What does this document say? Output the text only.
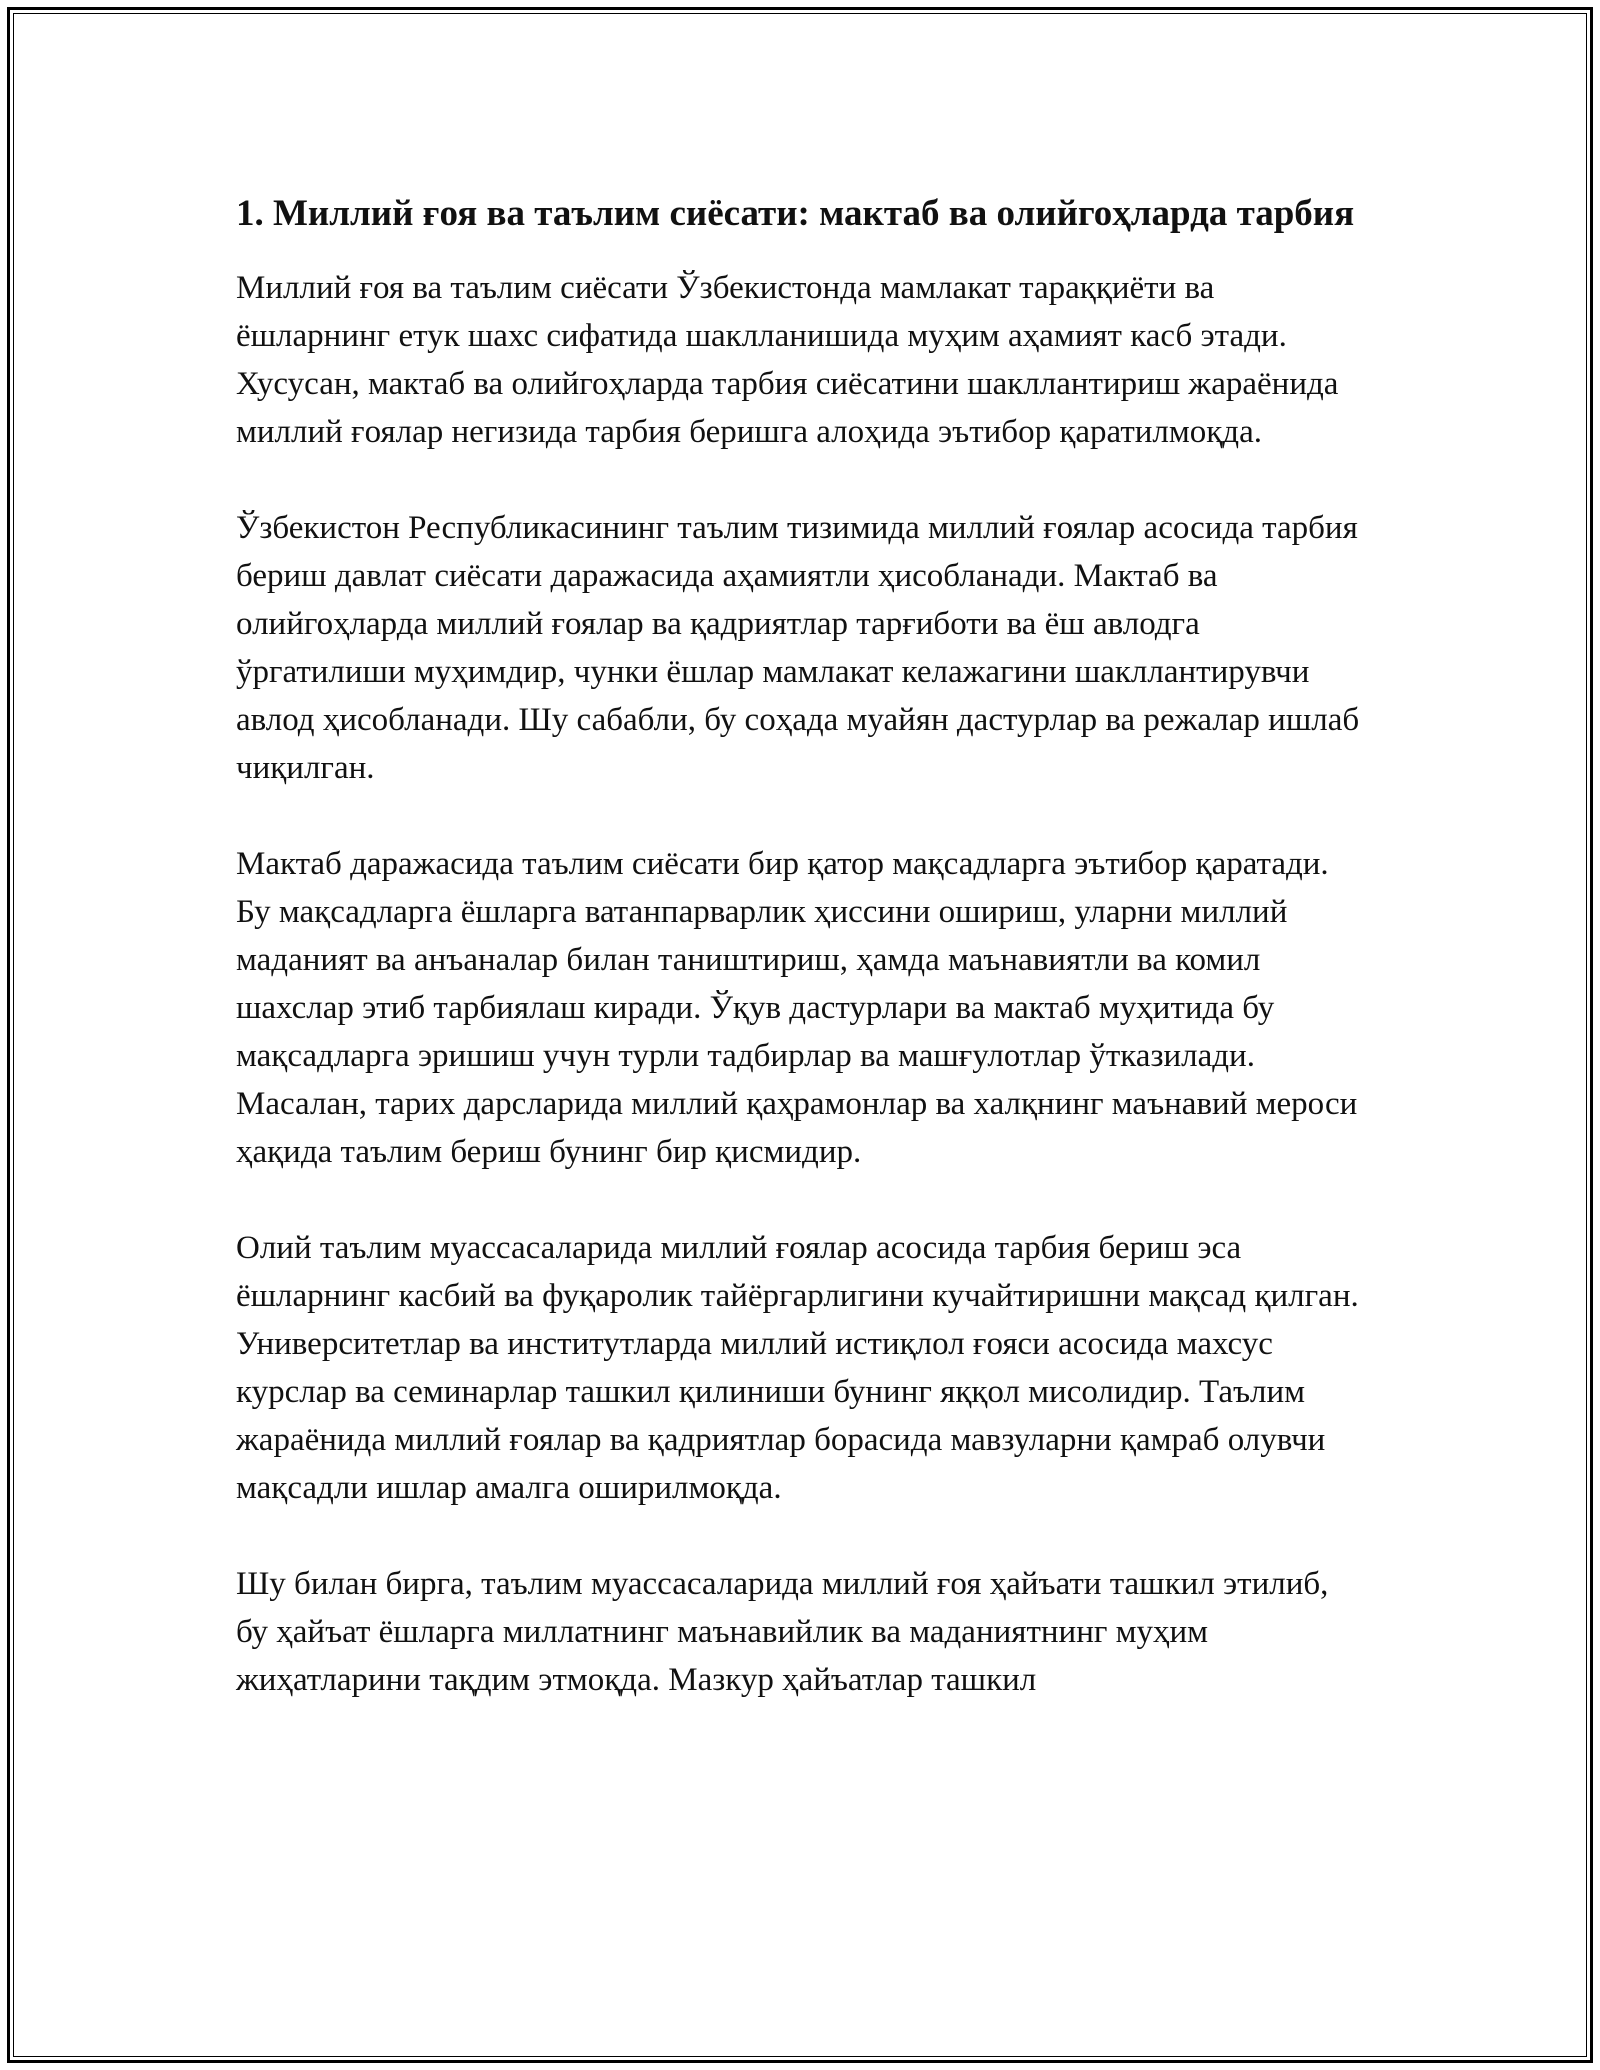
1. Миллий ғоя ва таълим сиёсати: мактаб ва олийгоҳларда тарбия

Миллий ғоя ва таълим сиёсати Ўзбекистонда мамлакат тараққиёти ва ёшларнинг етук шахс сифатида шаклланишида муҳим аҳамият касб этади. Хусусан, мактаб ва олийгоҳларда тарбия сиёсатини шакллантириш жараёнида миллий ғоялар негизида тарбия беришга алоҳида эътибор қаратилмоқда.

Ўзбекистон Республикасининг таълим тизимида миллий ғоялар асосида тарбия бериш давлат сиёсати даражасида аҳамиятли ҳисобланади. Мактаб ва олийгоҳларда миллий ғоялар ва қадриятлар тарғиботи ва ёш авлодга ўргатилиши муҳимдир, чунки ёшлар мамлакат келажагини шакллантирувчи авлод ҳисобланади. Шу сабабли, бу соҳада муайян дастурлар ва режалар ишлаб чиқилган.

Мактаб даражасида таълим сиёсати бир қатор мақсадларга эътибор қаратади. Бу мақсадларга ёшларга ватанпарварлик ҳиссини ошириш, уларни миллий маданият ва анъаналар билан таништириш, ҳамда маънавиятли ва комил шахслар этиб тарбиялаш киради. Ўқув дастурлари ва мактаб муҳитида бу мақсадларга эришиш учун турли тадбирлар ва машғулотлар ўтказилади. Масалан, тарих дарсларида миллий қаҳрамонлар ва халқнинг маънавий мероси ҳақида таълим бериш бунинг бир қисмидир.

Олий таълим муассасаларида миллий ғоялар асосида тарбия бериш эса ёшларнинг касбий ва фуқаролик тайёргарлигини кучайтиришни мақсад қилган. Университетлар ва институтларда миллий истиқлол ғояси асосида махсус курслар ва семинарлар ташкил қилиниши бунинг яққол мисолидир. Таълим жараёнида миллий ғоялар ва қадриятлар борасида мавзуларни қамраб олувчи мақсадли ишлар амалга оширилмоқда.

Шу билан бирга, таълим муассасаларида миллий ғоя ҳайъати ташкил этилиб, бу ҳайъат ёшларга миллатнинг маънавийлик ва маданиятнинг муҳим жиҳатларини тақдим этмоқда. Мазкур ҳайъатлар ташкил
